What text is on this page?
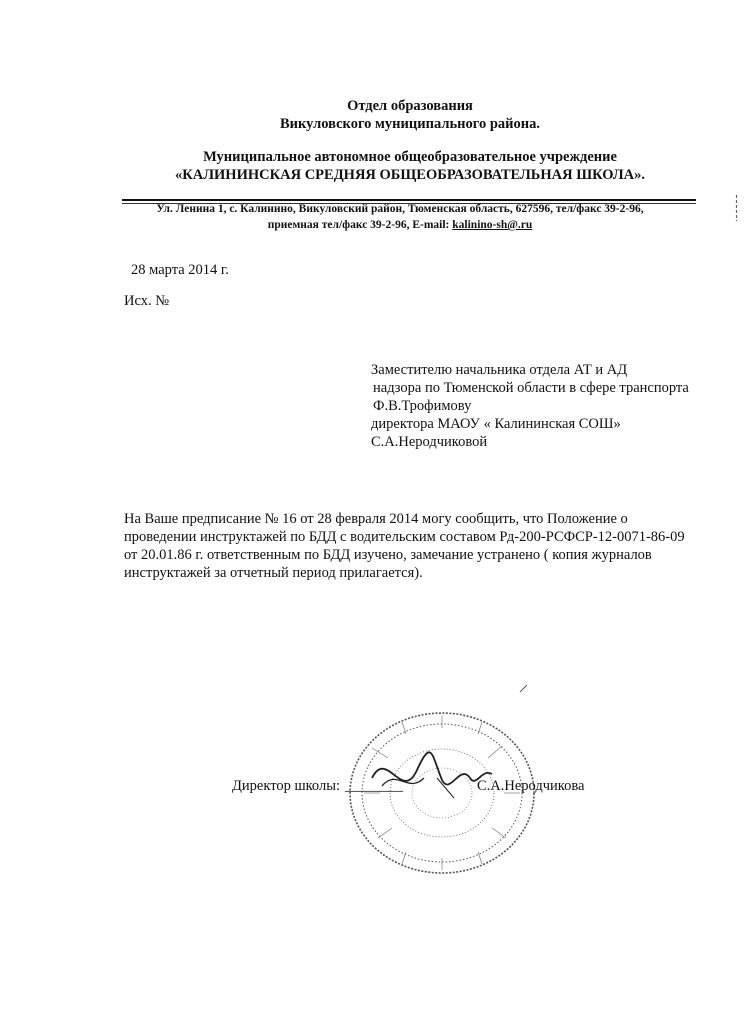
Отдел образования
Викуловского муниципального района.
Муниципальное автономное общеобразовательное учреждение
«КАЛИНИНСКАЯ СРЕДНЯЯ ОБЩЕОБРАЗОВАТЕЛЬНАЯ ШКОЛА».
Ул. Ленина 1, с. Калинино, Викуловский район, Тюменская область, 627596, тел/факс 39-2-96,
приемная тел/факс 39-2-96, E-mail: kalinino-sh@.ru
28 марта 2014 г.
Исх. №
Заместителю начальника отдела АТ и АД
надзора по Тюменской области в сфере транспорта
Ф.В.Трофимову
директора МАОУ « Калининская СОШ»
С.А.Неродчиковой
На Ваше предписание № 16 от 28 февраля 2014 могу сообщить, что Положение о
проведении инструктажей по БДД с водительским составом Рд-200-РСФСР-12-0071-86-09
от 20.01.86 г. ответственным по БДД изучено, замечание устранено ( копия журналов
инструктажей за отчетный период прилагается).
Директор школы: ________	С.А.Неродчикова
